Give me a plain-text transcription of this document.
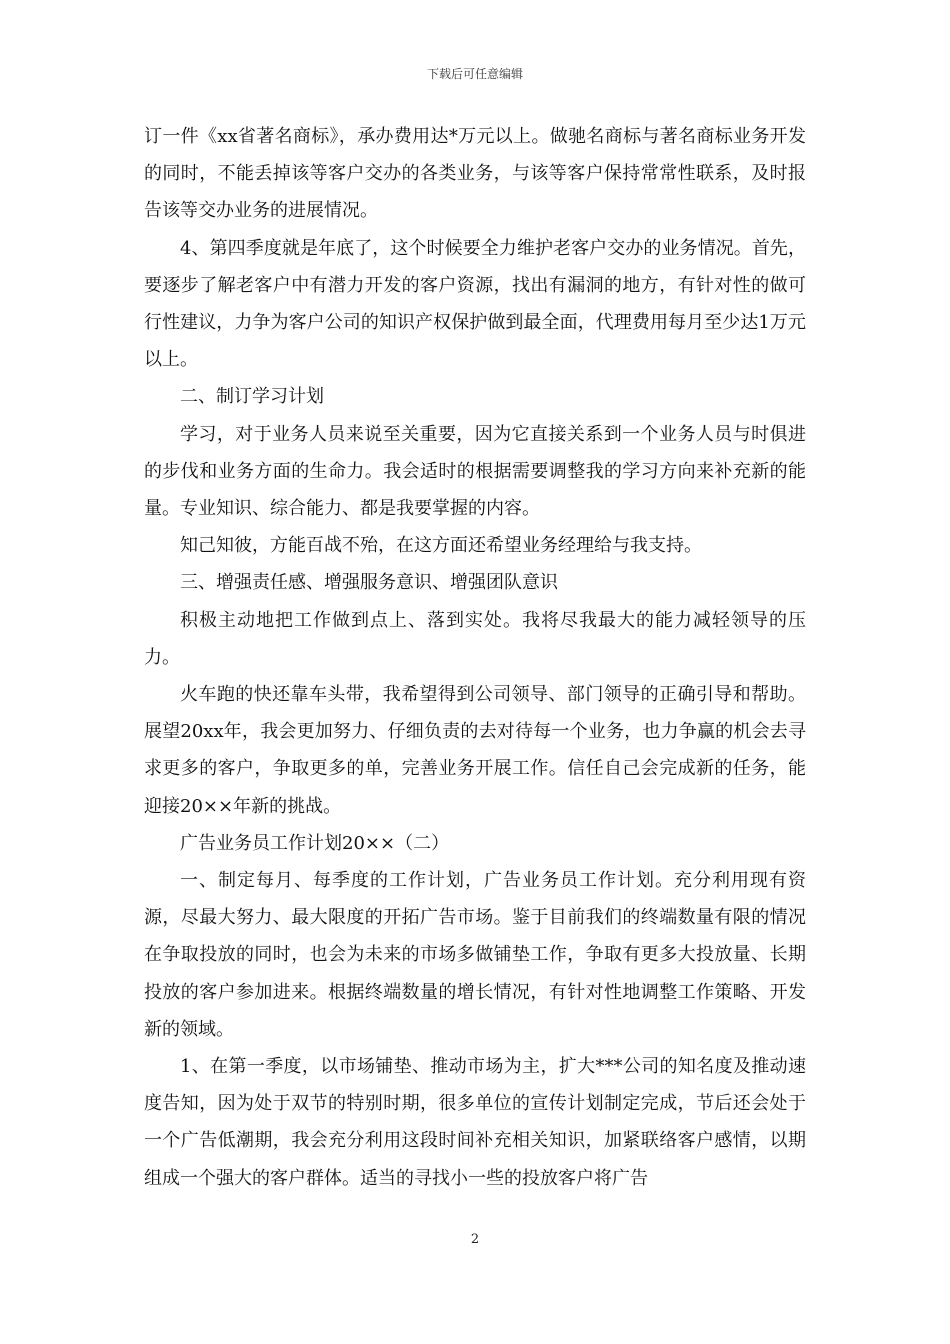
下载后可任意编辑

订一件《xx省著名商标》，承办费用达*万元以上。做驰名商标与著名商标业务开发的同时，不能丢掉该等客户交办的各类业务，与该等客户保持常常性联系，及时报告该等交办业务的进展情况。

4、第四季度就是年底了，这个时候要全力维护老客户交办的业务情况。首先，要逐步了解老客户中有潜力开发的客户资源，找出有漏洞的地方，有针对性的做可行性建议，力争为客户公司的知识产权保护做到最全面，代理费用每月至少达1万元以上。

二、制订学习计划

学习，对于业务人员来说至关重要，因为它直接关系到一个业务人员与时俱进的步伐和业务方面的生命力。我会适时的根据需要调整我的学习方向来补充新的能量。专业知识、综合能力、都是我要掌握的内容。

知己知彼，方能百战不殆，在这方面还希望业务经理给与我支持。

三、增强责任感、增强服务意识、增强团队意识

积极主动地把工作做到点上、落到实处。我将尽我最大的能力减轻领导的压力。

火车跑的快还靠车头带，我希望得到公司领导、部门领导的正确引导和帮助。展望20xx年，我会更加努力、仔细负责的去对待每一个业务，也力争赢的机会去寻求更多的客户，争取更多的单，完善业务开展工作。信任自己会完成新的任务，能迎接20××年新的挑战。

广告业务员工作计划20××（二）

一、制定每月、每季度的工作计划，广告业务员工作计划。充分利用现有资源，尽最大努力、最大限度的开拓广告市场。鉴于目前我们的终端数量有限的情况在争取投放的同时，也会为未来的市场多做铺垫工作，争取有更多大投放量、长期投放的客户参加进来。根据终端数量的增长情况，有针对性地调整工作策略、开发新的领域。

1、在第一季度，以市场铺垫、推动市场为主，扩大***公司的知名度及推动速度告知，因为处于双节的特别时期，很多单位的宣传计划制定完成，节后还会处于一个广告低潮期，我会充分利用这段时间补充相关知识，加紧联络客户感情，以期组成一个强大的客户群体。适当的寻找小一些的投放客户将广告

2
